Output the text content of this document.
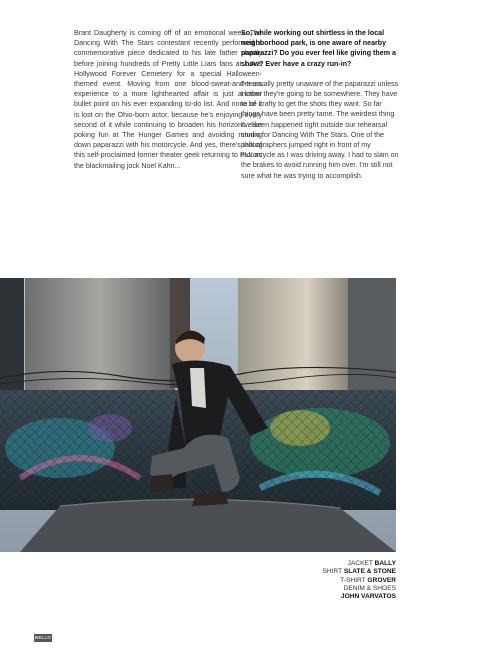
Brant Daugherty is coming off of an emotional week. The Dancing With The Stars contestant recently performed a commemorative piece dedicated to his late father shortly before joining hundreds of Pretty Little Liars fans at L.A.'s Hollywood Forever Cemetery for a special Halloween-themed event. Moving from one blood-sweat-and-tears experience to a more lighthearted affair is just another bullet point on his ever expanding to-do list. And none of it is lost on the Ohio-born actor, because he's enjoying every second of it while continuing to broaden his horizons...like poking fun at The Hunger Games and avoiding running down paparazzi with his motorcycle. And yes, there's talk of this self-proclaimed former theater geek returning to PLL as the blackmailing jock Noel Kahn...

So, while working out shirtless in the local neighborhood park, is one aware of nearby paparazzi? Do you ever feel like giving them a show? Ever have a crazy run-in?

I'm usually pretty unaware of the paparazzi unless I know they're going to be somewhere. They have to be crafty to get the shots they want. So far things have been pretty tame. The weirdest thing I've seen happened right outside our rehearsal studio for Dancing With The Stars. One of the photographers jumped right in front of my motorcycle as I was driving away. I had to slam on the brakes to avoid running him over. I'm still not sure what he was trying to accomplish.

JACKET BALLY
SHIRT SLATE & STONE
T-SHIRT GROVER
DENIM & SHOES
JOHN VARVATOS
BELLO
